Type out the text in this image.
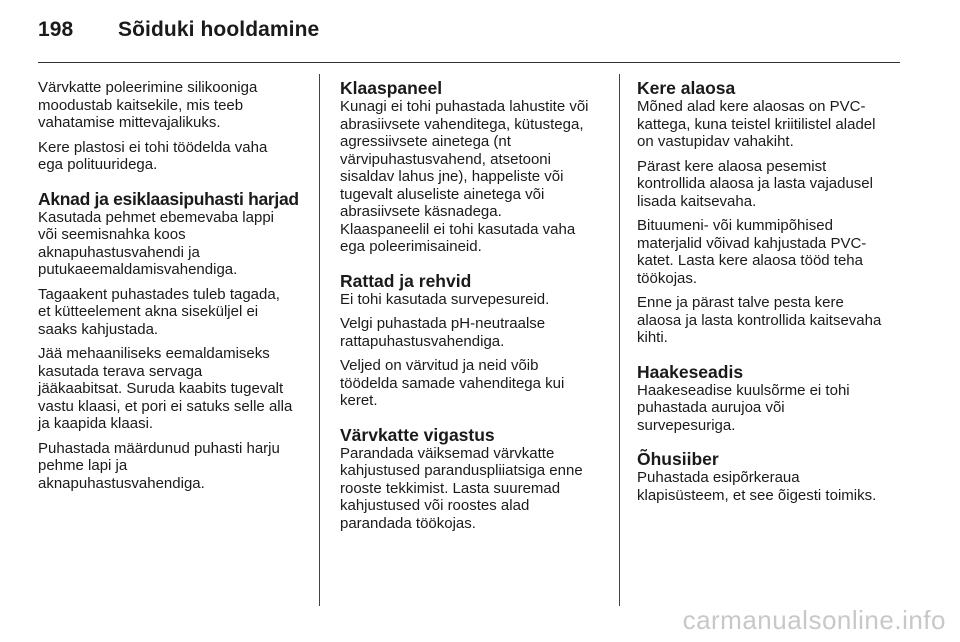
198 Sõiduki hooldamine

Värvkatte poleerimine silikooniga
moodustab kaitsekile, mis teeb
vahatamise mittevajalikuks.

Kere plastosi ei tohi töödelda vaha
ega polituuridega.

Aknad ja esiklaasipuhasti harjad

Kasutada pehmet ebemevaba lappi
või seemisnahka koos
aknapuhastusvahendi ja
putukaeemaldamisvahendiga.

Tagaakent puhastades tuleb tagada,
et kütteelement akna siseküljel ei
saaks kahjustada.

Jää mehaaniliseks eemaldamiseks
kasutada terava servaga
jääkaabitsat. Suruda kaabits tugevalt
vastu klaasi, et pori ei satuks selle alla
ja kaapida klaasi.

Puhastada määrdunud puhasti harju
pehme lapi ja
aknapuhastusvahendiga.

Klaaspaneel

Kunagi ei tohi puhastada lahustite või
abrasiivsete vahenditega, kütustega,
agressiivsete ainetega (nt
värvipuhastusvahend, atsetooni
sisaldav lahus jne), happeliste või
tugevalt aluseliste ainetega või
abrasiivsete käsnadega.
Klaaspaneelil ei tohi kasutada vaha
ega poleerimisaineid.

Rattad ja rehvid

Ei tohi kasutada survepesureid.

Velgi puhastada pH-neutraalse
rattapuhastusvahendiga.

Veljed on värvitud ja neid võib
töödelda samade vahenditega kui
keret.

Värvkatte vigastus

Parandada väiksemad värvkatte
kahjustused paranduspliiatsiga enne
rooste tekkimist. Lasta suuremad
kahjustused või roostes alad
parandada töökojas.

Kere alaosa

Mõned alad kere alaosas on PVC-
kattega, kuna teistel kriitilistel aladel
on vastupidav vahakiht.

Pärast kere alaosa pesemist
kontrollida alaosa ja lasta vajadusel
lisada kaitsevaha.

Bituumeni- või kummipõhised
materjalid võivad kahjustada PVC-
katet. Lasta kere alaosa tööd teha
töökojas.

Enne ja pärast talve pesta kere
alaosa ja lasta kontrollida kaitsevaha
kihti.

Haakeseadis

Haakeseadise kuulsõrme ei tohi
puhastada aurujoa või
survepesuriga.

Õhusiiber

Puhastada esipõrkeraua
klapisüsteem, et see õigesti toimiks.

carmanualsonline.info
